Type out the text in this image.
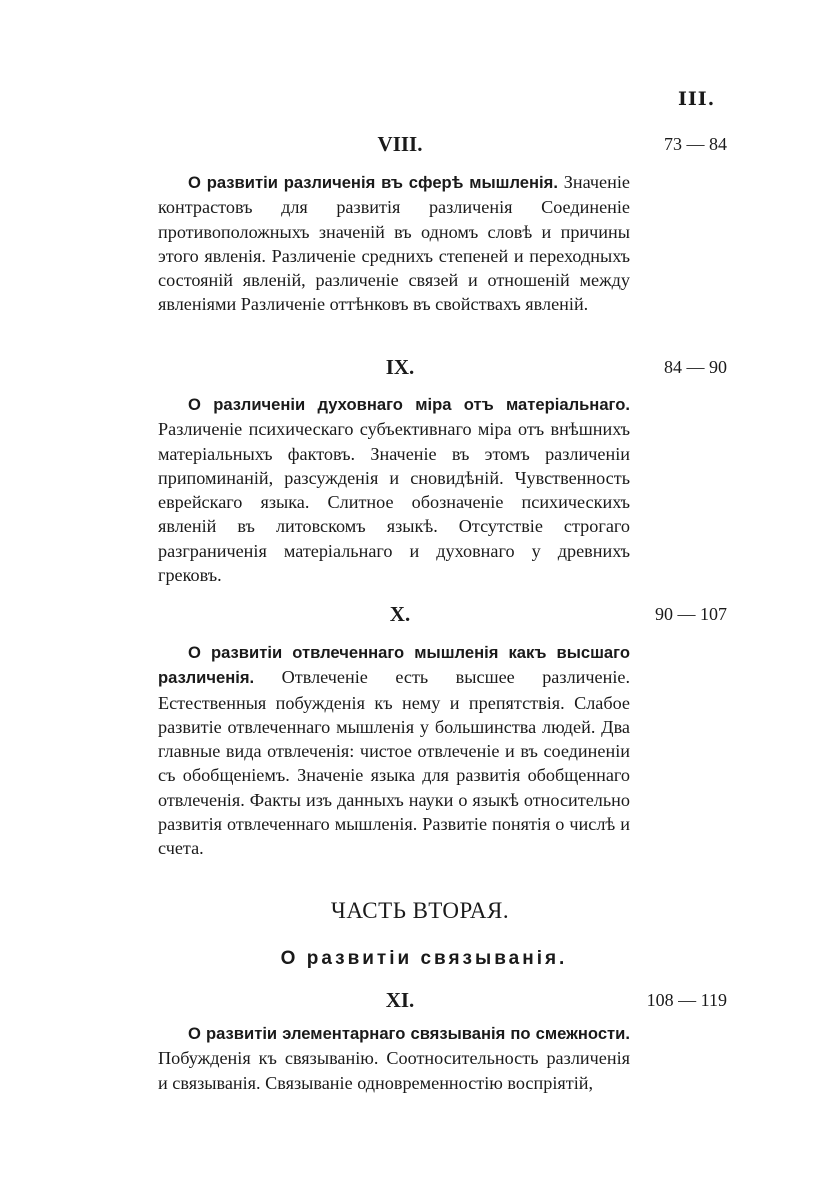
III.
VIII.	73 — 84

О развитіи различенія въ сферѣ мышленія. Значеніе контрастовъ для развитія различенія Соединеніе противоположныхъ значеній въ одномъ словѣ и причины этого явленія. Различеніе среднихъ степеней и переходныхъ состояній явленій, различеніе связей и отношеній между явленіями Различеніе оттѣнковъ въ свойствахъ явленій.

IX.	84 — 90

О различеніи духовнаго міра отъ матеріальнаго. Различеніе психическаго субъективнаго міра отъ внѣшнихъ матеріальныхъ фактовъ. Значеніе въ этомъ различеніи припоминаній, разсужденія и сновидѣній. Чувственность еврейскаго языка. Слитное обозначеніе психическихъ явленій въ литовскомъ языкѣ. Отсутствіе строгаго разграниченія матеріальнаго и духовнаго у древнихъ грековъ.

X.	90 — 107

О развитіи отвлеченнаго мышленія какъ высшаго различенія. Отвлеченіе есть высшее различеніе. Естественныя побужденія къ нему и препятствія. Слабое развитіе отвлеченнаго мышленія у большинства людей. Два главные вида отвлеченія: чистое отвлеченіе и въ соединеніи съ обобщеніемъ. Значеніе языка для развитія обобщеннаго отвлеченія. Факты изъ данныхъ науки о языкѣ относительно развитія отвлеченнаго мышленія. Развитіе понятія о числѣ и счета.

ЧАСТЬ ВТОРАЯ.
О развитіи связыванія.
XI.	108 — 119

О развитіи элементарнаго связыванія по смежности. Побужденія къ связыванію. Соотносительность различенія и связыванія. Связываніе одновременностію воспріятій,
